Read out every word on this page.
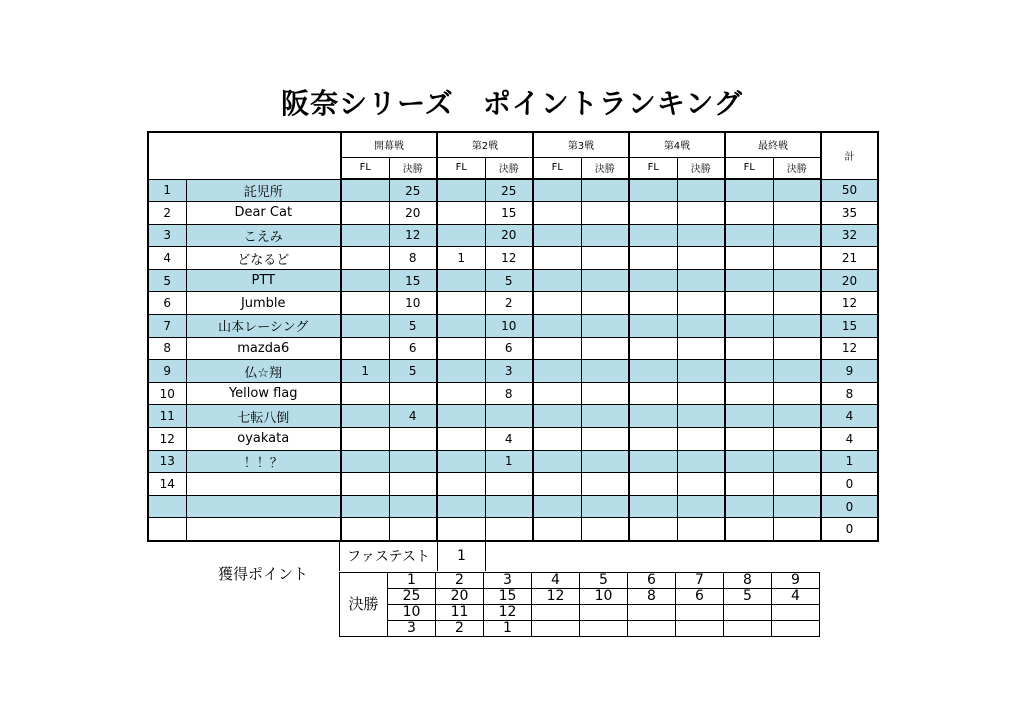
阪奈シリーズ　ポイントランキング
		開幕戦		第2戦		第3戦		第4戦		最終戦		計
		FL	決勝	FL	決勝	FL	決勝	FL	決勝	FL	決勝	
1	託児所		25		25							50
2	Dear Cat		20		15							35
3	こえみ		12		20							32
4	どなるど		8	1	12							21
5	PTT		15		5							20
6	Jumble		10		2							12
7	山本レーシング		5		10							15
8	mazda6		6		6							12
9	仏☆翔	1	5		3							9
10	Yellow flag				8							8
11	七転八倒		4									4
12	oyakata				4							4
13	！！？				1							1
14												0
												0
												0
獲得ポイント
ファステスト	1
決勝	1	2	3	4	5	6	7	8	9
	25	20	15	12	10	8	6	5	4
	10	11	12						
	3	2	1						
